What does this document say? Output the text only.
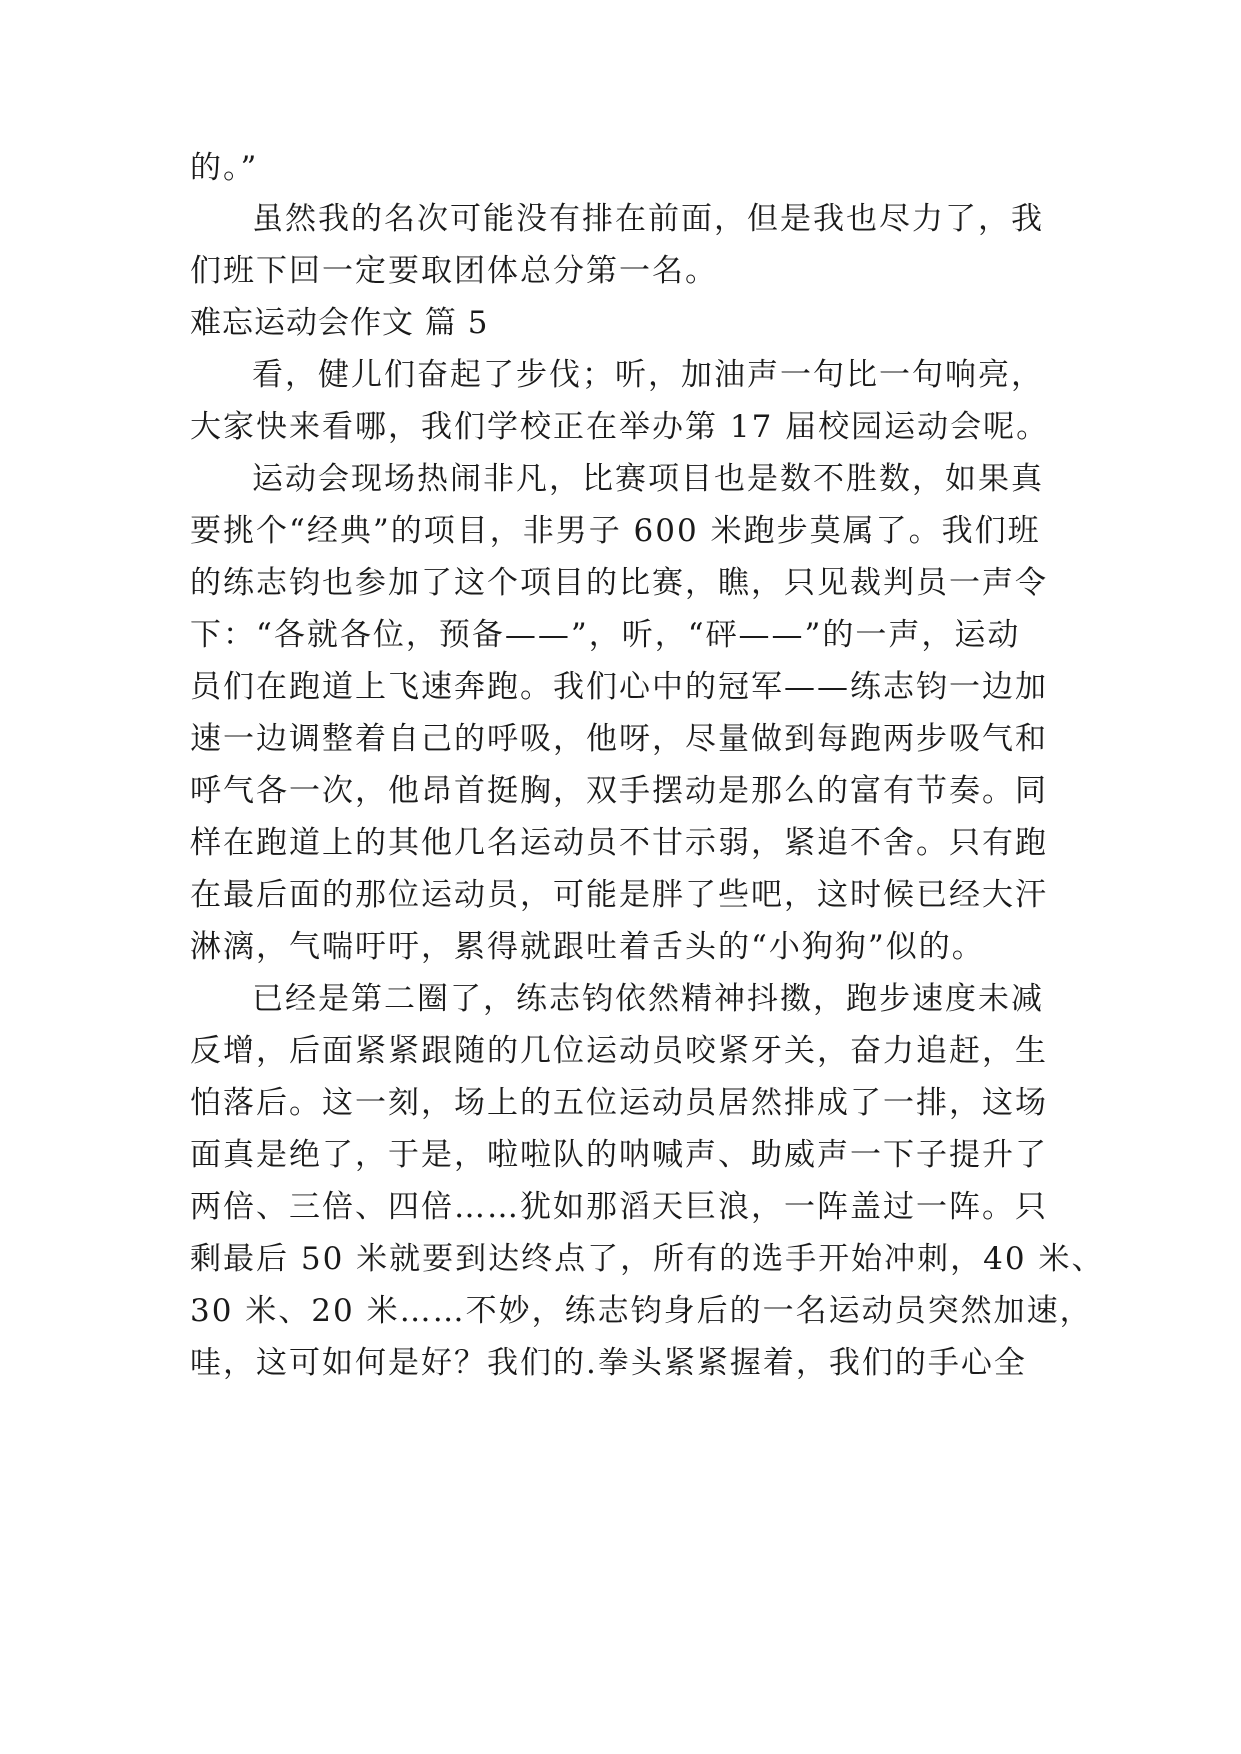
的。”
虽然我的名次可能没有排在前面，但是我也尽力了，我
们班下回一定要取团体总分第一名。
难忘运动会作文 篇 5
看，健儿们奋起了步伐；听，加油声一句比一句响亮，
大家快来看哪，我们学校正在举办第 17 届校园运动会呢。
运动会现场热闹非凡，比赛项目也是数不胜数，如果真
要挑个“经典”的项目，非男子 600 米跑步莫属了。我们班
的练志钧也参加了这个项目的比赛，瞧，只见裁判员一声令
下：“各就各位，预备——”，听，“砰——”的一声，运动
员们在跑道上飞速奔跑。我们心中的冠军——练志钧一边加
速一边调整着自己的呼吸，他呀，尽量做到每跑两步吸气和
呼气各一次，他昂首挺胸，双手摆动是那么的富有节奏。同
样在跑道上的其他几名运动员不甘示弱，紧追不舍。只有跑
在最后面的那位运动员，可能是胖了些吧，这时候已经大汗
淋漓，气喘吁吁，累得就跟吐着舌头的“小狗狗”似的。
已经是第二圈了，练志钧依然精神抖擞，跑步速度未减
反增，后面紧紧跟随的几位运动员咬紧牙关，奋力追赶，生
怕落后。这一刻，场上的五位运动员居然排成了一排，这场
面真是绝了，于是，啦啦队的呐喊声、助威声一下子提升了
两倍、三倍、四倍……犹如那滔天巨浪，一阵盖过一阵。只
剩最后 50 米就要到达终点了，所有的选手开始冲刺，40 米、
30 米、20 米……不妙，练志钧身后的一名运动员突然加速，
哇，这可如何是好？我们的.拳头紧紧握着，我们的手心全
